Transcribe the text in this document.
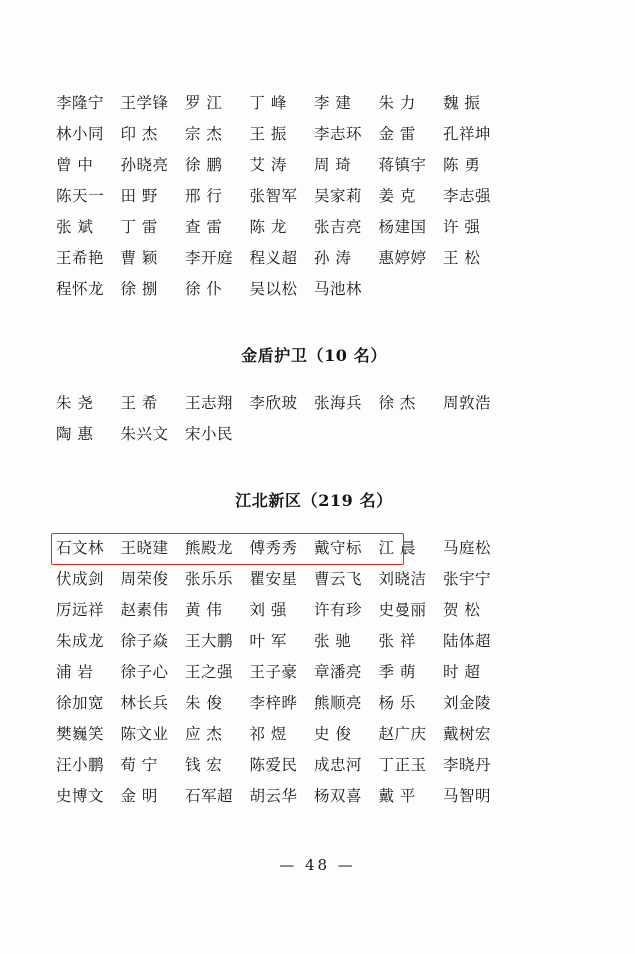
李隆宁	王学锋	罗 江	丁 峰	李 建	朱 力	魏 振
林小同	印 杰	宗 杰	王 振	李志环	金 雷	孔祥坤
曾 中	孙晓亮	徐 鹏	艾 涛	周 琦	蒋镇宇	陈 勇
陈天一	田 野	邢 行	张智军	吴家莉	姜 克	李志强
张 斌	丁 雷	查 雷	陈 龙	张吉亮	杨建国	许 强
王希艳	曹 颖	李开庭	程义超	孙 涛	惠婷婷	王 松
程怀龙	徐 捌	徐 仆	吴以松	马池林
金盾护卫（10 名）
朱 尧	王 希	王志翔	李欣玻	张海兵	徐 杰	周敦浩
陶 惠	朱兴文	宋小民
江北新区（219 名）
石文林	王晓建	熊殿龙	傅秀秀	戴守标	江 晨	马庭松
伏成剑	周荣俊	张乐乐	瞿安星	曹云飞	刘晓洁	张宇宁
厉远祥	赵素伟	黄 伟	刘 强	许有珍	史曼丽	贺 松
朱成龙	徐子焱	王大鹏	叶 军	张 驰	张 祥	陆体超
浦 岩	徐子心	王之强	王子豪	章潘亮	季 萌	时 超
徐加宽	林长兵	朱 俊	李梓晔	熊顺亮	杨 乐	刘金陵
樊巍笑	陈文业	应 杰	祁 煜	史 俊	赵广庆	戴树宏
汪小鹏	荀 宁	钱 宏	陈爱民	成忠河	丁正玉	李晓丹
史博文	金 明	石军超	胡云华	杨双喜	戴 平	马智明
— 48 —
